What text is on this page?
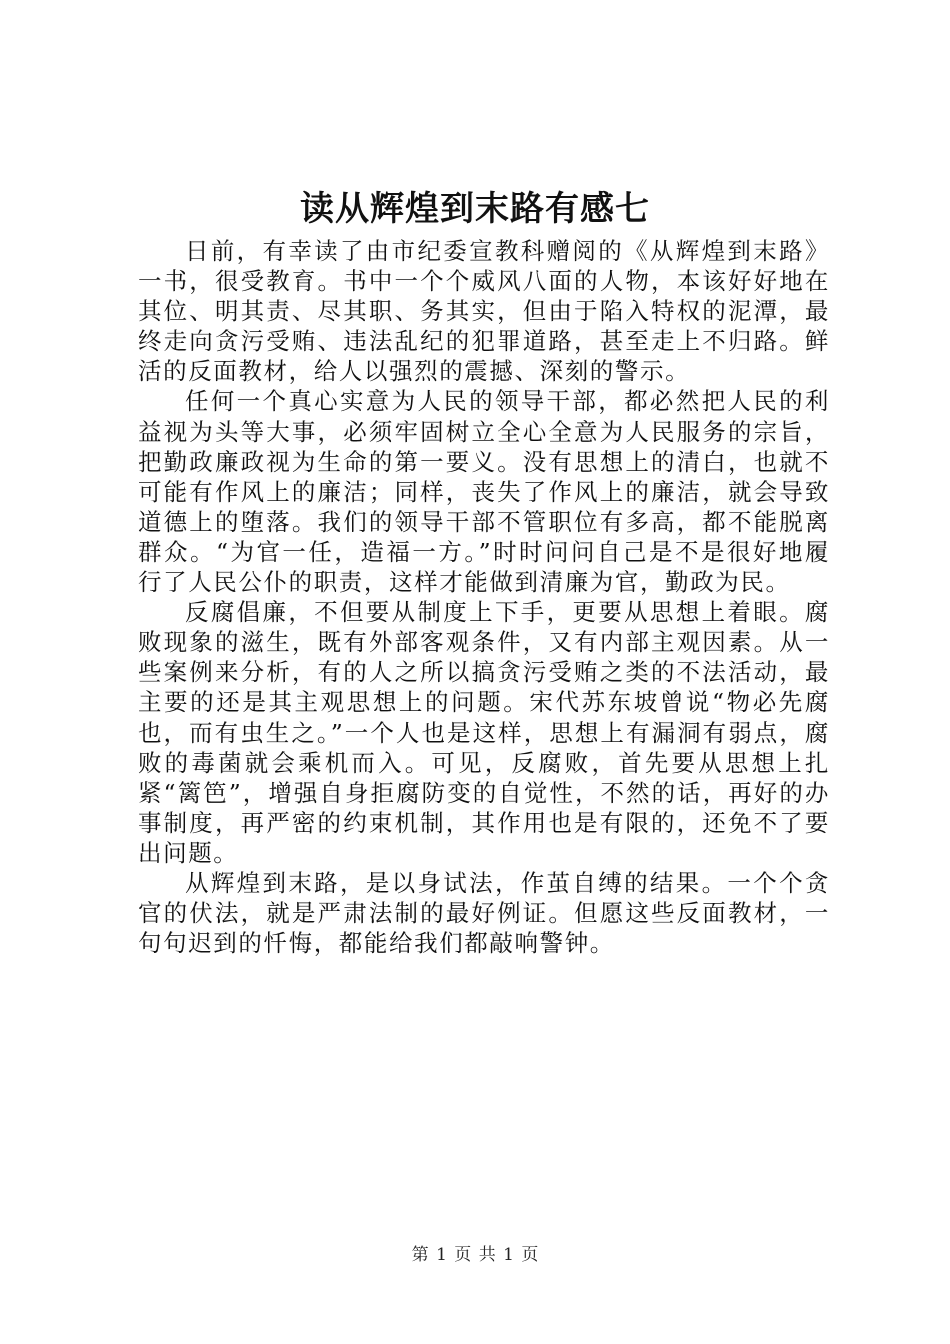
读从辉煌到末路有感七

日前，有幸读了由市纪委宣教科赠阅的《从辉煌到末路》一书，很受教育。书中一个个威风八面的人物，本该好好地在其位、明其责、尽其职、务其实，但由于陷入特权的泥潭，最终走向贪污受贿、违法乱纪的犯罪道路，甚至走上不归路。鲜活的反面教材，给人以强烈的震撼、深刻的警示。

任何一个真心实意为人民的领导干部，都必然把人民的利益视为头等大事，必须牢固树立全心全意为人民服务的宗旨，把勤政廉政视为生命的第一要义。没有思想上的清白，也就不可能有作风上的廉洁；同样，丧失了作风上的廉洁，就会导致道德上的堕落。我们的领导干部不管职位有多高，都不能脱离群众。“为官一任，造福一方。”时时问问自己是不是很好地履行了人民公仆的职责，这样才能做到清廉为官，勤政为民。

反腐倡廉，不但要从制度上下手，更要从思想上着眼。腐败现象的滋生，既有外部客观条件，又有内部主观因素。从一些案例来分析，有的人之所以搞贪污受贿之类的不法活动，最主要的还是其主观思想上的问题。宋代苏东坡曾说“物必先腐也，而有虫生之。”一个人也是这样，思想上有漏洞有弱点，腐败的毒菌就会乘机而入。可见，反腐败，首先要从思想上扎紧“篱笆”，增强自身拒腐防变的自觉性，不然的话，再好的办事制度，再严密的约束机制，其作用也是有限的，还免不了要出问题。

从辉煌到末路，是以身试法，作茧自缚的结果。一个个贪官的伏法，就是严肃法制的最好例证。但愿这些反面教材，一句句迟到的忏悔，都能给我们都敲响警钟。

第 1 页 共 1 页
